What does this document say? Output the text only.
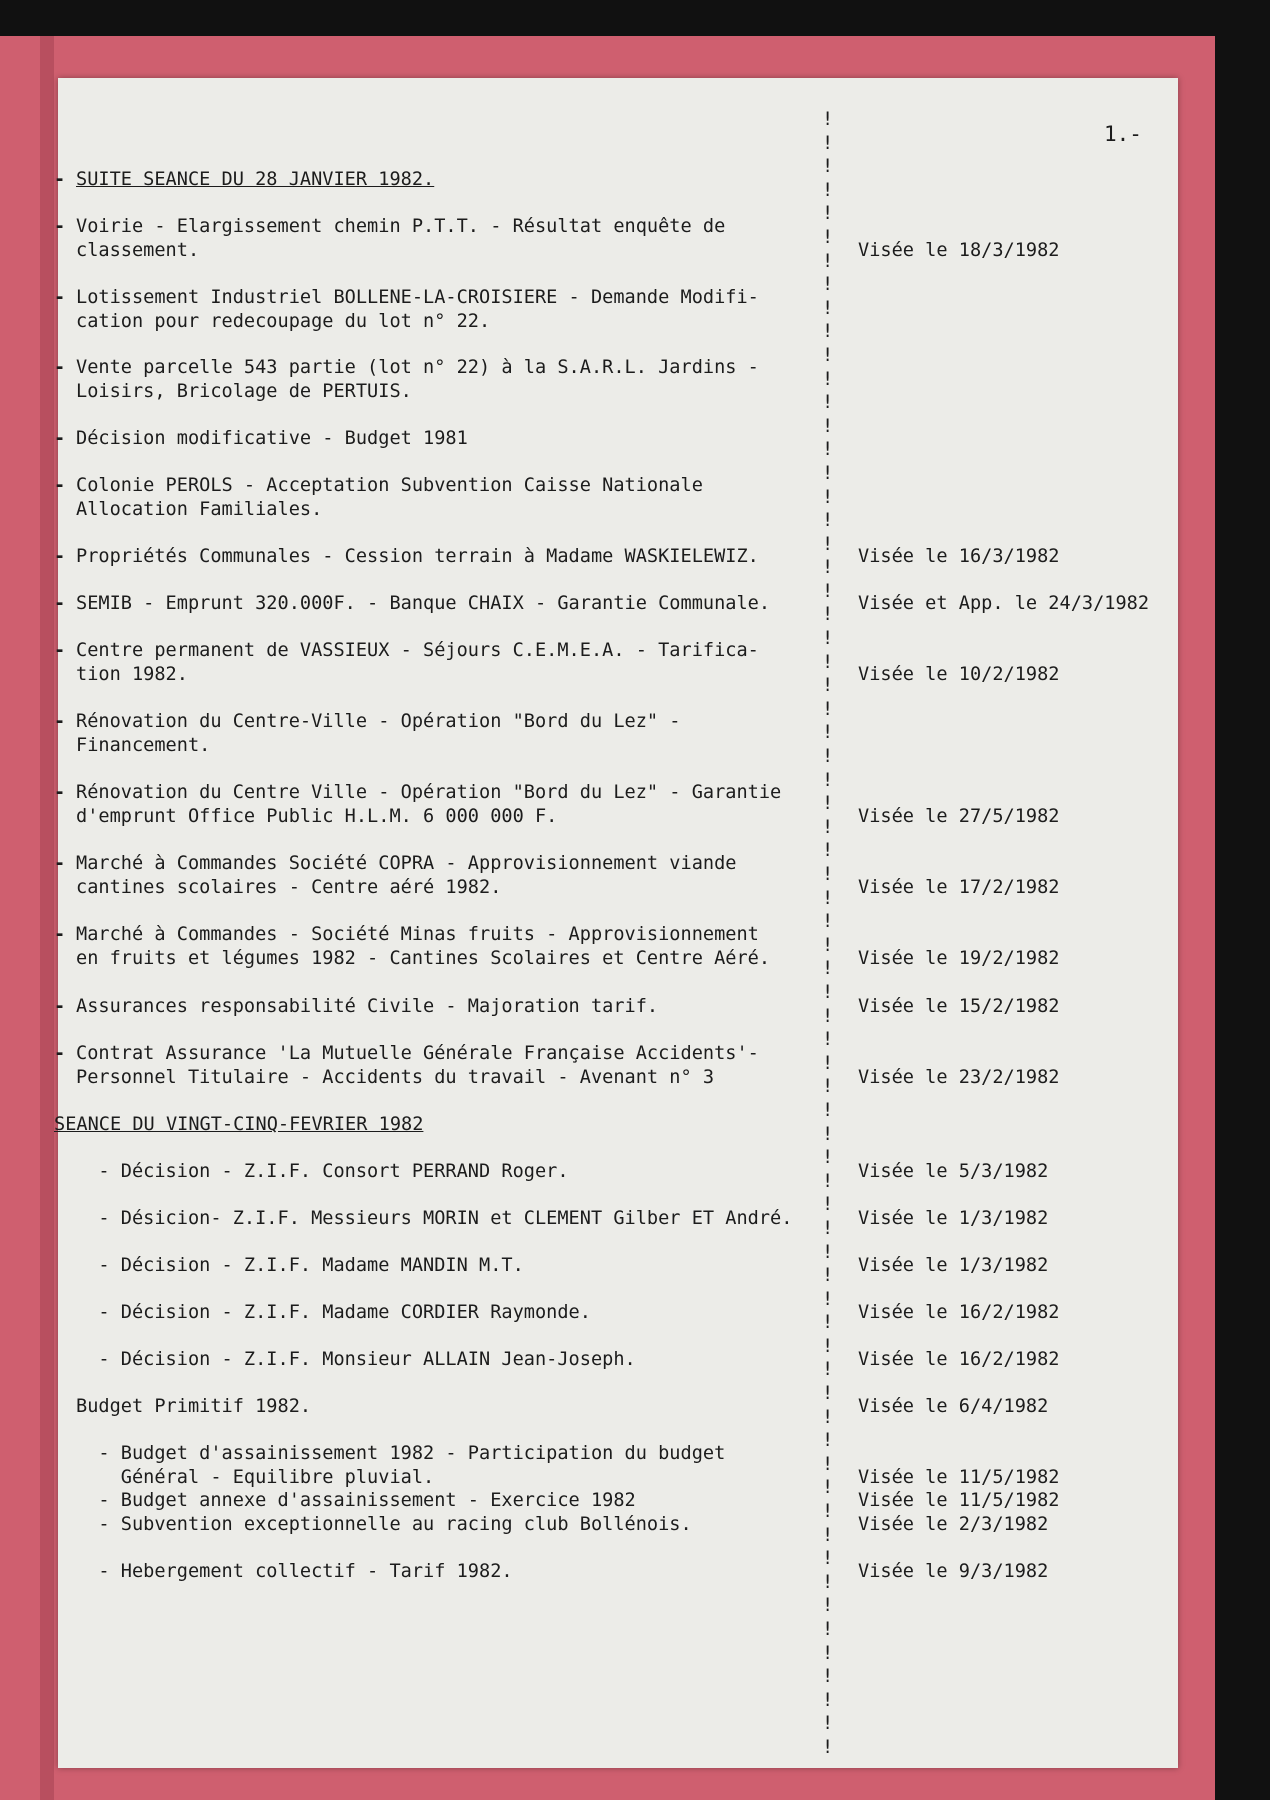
1.-
- SUITE SEANCE DU 28 JANVIER 1982.
- Voirie - Elargissement chemin P.T.T. - Résultat enquête de
classement.	Visée le 18/3/1982
- Lotissement Industriel BOLLENE-LA-CROISIERE - Demande Modifi-
cation pour redecoupage du lot n° 22.
- Vente parcelle 543 partie (lot n° 22) à la S.A.R.L. Jardins -
Loisirs, Bricolage de PERTUIS.
- Décision modificative - Budget 1981
- Colonie PEROLS - Acceptation Subvention Caisse Nationale
Allocation Familiales.
- Propriétés Communales - Cession terrain à Madame WASKIELEWIZ.	Visée le 16/3/1982
- SEMIB - Emprunt 320.000F. - Banque CHAIX - Garantie Communale.	Visée et App. le 24/3/1982
- Centre permanent de VASSIEUX - Séjours C.E.M.E.A. - Tarifica-
tion 1982.	Visée le 10/2/1982
- Rénovation du Centre-Ville - Opération "Bord du Lez" -
Financement.
- Rénovation du Centre Ville - Opération "Bord du Lez" - Garantie
d'emprunt Office Public H.L.M. 6 000 000 F.	Visée le 27/5/1982
- Marché à Commandes Société COPRA - Approvisionnement viande
cantines scolaires - Centre aéré 1982.	Visée le 17/2/1982
- Marché à Commandes - Société Minas fruits - Approvisionnement
en fruits et légumes 1982 - Cantines Scolaires et Centre Aéré.	Visée le 19/2/1982
- Assurances responsabilité Civile - Majoration tarif.	Visée le 15/2/1982
- Contrat Assurance 'La Mutuelle Générale Française Accidents'-
Personnel Titulaire - Accidents du travail - Avenant n° 3	Visée le 23/2/1982
SEANCE DU VINGT-CINQ-FEVRIER 1982
- Décision - Z.I.F. Consort PERRAND Roger.	Visée le 5/3/1982
- Désicion- Z.I.F. Messieurs MORIN et CLEMENT Gilber ET André.	Visée le 1/3/1982
- Décision - Z.I.F. Madame MANDIN M.T.	Visée le 1/3/1982
- Décision - Z.I.F. Madame CORDIER Raymonde.	Visée le 16/2/1982
- Décision - Z.I.F. Monsieur ALLAIN Jean-Joseph.	Visée le 16/2/1982
Budget Primitif 1982.	Visée le 6/4/1982
- Budget d'assainissement 1982 - Participation du budget
Général - Equilibre pluvial.	Visée le 11/5/1982
- Budget annexe d'assainissement - Exercice 1982	Visée le 11/5/1982
- Subvention exceptionnelle au racing club Bollénois.	Visée le 2/3/1982
- Hebergement collectif - Tarif 1982.	Visée le 9/3/1982
!
!
!
!
!
!
!
!
!
!
!
!
!
!
!
!
!
!
!
!
!
!
!
!
!
!
!
!
!
!
!
!
!
!
!
!
!
!
!
!
!
!
!
!
!
!
!
!
!
!
!
!
!
!
!
!
!
!
!
!
!
!
!
!
!
!
!
!
!
!
